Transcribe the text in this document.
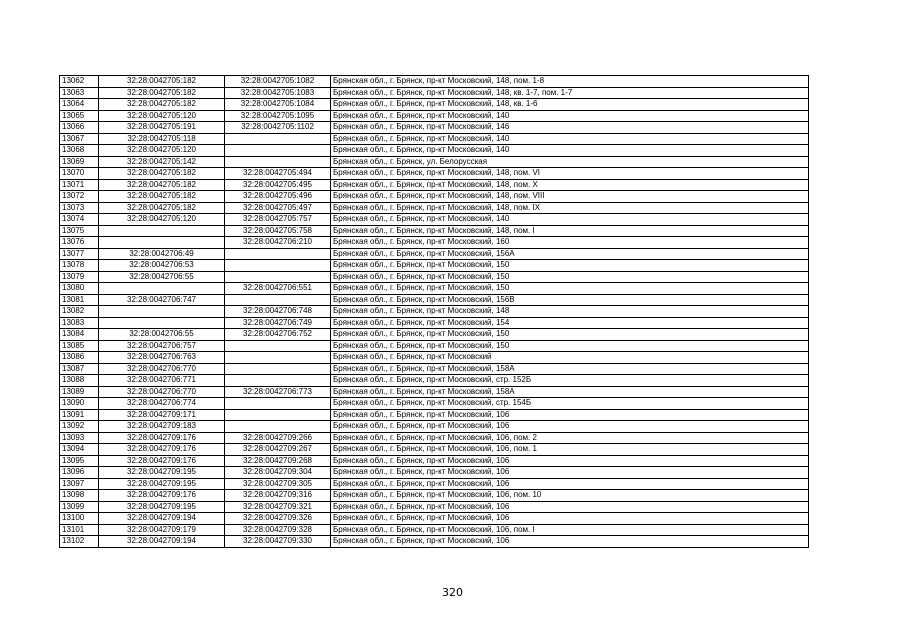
13062	32:28:0042705:182	32:28:0042705:1082	Брянская обл., г. Брянск, пр-кт Московский, 148, пом. 1-8
13063	32:28:0042705:182	32:28:0042705:1083	Брянская обл., г. Брянск, пр-кт Московский, 148, кв. 1-7, пом. 1-7
13064	32:28:0042705:182	32:28:0042705:1084	Брянская обл., г. Брянск, пр-кт Московский, 148, кв. 1-6
13065	32:28:0042705:120	32:28:0042705:1095	Брянская обл., г. Брянск, пр-кт Московский, 140
13066	32:28:0042705:191	32:28:0042705:1102	Брянская обл., г. Брянск, пр-кт Московский, 146
13067	32:28:0042705:118		Брянская обл., г. Брянск, пр-кт Московский, 140
13068	32:28:0042705:120		Брянская обл., г. Брянск, пр-кт Московский, 140
13069	32:28:0042705:142		Брянская обл., г. Брянск, ул. Белорусская
13070	32:28:0042705:182	32:28:0042705:494	Брянская обл., г. Брянск, пр-кт Московский, 148, пом. VI
13071	32:28:0042705:182	32:28:0042705:495	Брянская обл., г. Брянск, пр-кт Московский, 148, пом. X
13072	32:28:0042705:182	32:28:0042705:496	Брянская обл., г. Брянск, пр-кт Московский, 148, пом. VIII
13073	32:28:0042705:182	32:28:0042705:497	Брянская обл., г. Брянск, пр-кт Московский, 148, пом. IX
13074	32:28:0042705:120	32:28:0042705:757	Брянская обл., г. Брянск, пр-кт Московский, 140
13075		32:28:0042705:758	Брянская обл., г. Брянск, пр-кт Московский, 148, пом. I
13076		32:28:0042706:210	Брянская обл., г. Брянск, пр-кт Московский, 160
13077	32:28:0042706:49		Брянская обл., г. Брянск, пр-кт Московский, 156А
13078	32:28:0042706:53		Брянская обл., г. Брянск, пр-кт Московский, 150
13079	32:28:0042706:55		Брянская обл., г. Брянск, пр-кт Московский, 150
13080		32:28:0042706:551	Брянская обл., г. Брянск, пр-кт Московский, 150
13081	32:28:0042706:747		Брянская обл., г. Брянск, пр-кт Московский, 156В
13082		32:28:0042706:748	Брянская обл., г. Брянск, пр-кт Московский, 148
13083		32:28:0042706:749	Брянская обл., г. Брянск, пр-кт Московский, 154
13084	32:28:0042706:55	32:28:0042706:752	Брянская обл., г. Брянск, пр-кт Московский, 150
13085	32:28:0042706:757		Брянская обл., г. Брянск, пр-кт Московский, 150
13086	32:28:0042706:763		Брянская обл., г. Брянск, пр-кт Московский
13087	32:28:0042706:770		Брянская обл., г. Брянск, пр-кт Московский, 158А
13088	32:28:0042706:771		Брянская обл., г. Брянск, пр-кт Московский, стр. 152Б
13089	32:28:0042706:770	32:28:0042706:773	Брянская обл., г. Брянск, пр-кт Московский, 158А
13090	32:28:0042706:774		Брянская обл., г. Брянск, пр-кт Московский, стр. 154Б
13091	32:28:0042709:171		Брянская обл., г. Брянск, пр-кт Московский, 106
13092	32:28:0042709:183		Брянская обл., г. Брянск, пр-кт Московский, 106
13093	32:28:0042709:176	32:28:0042709:266	Брянская обл., г. Брянск, пр-кт Московский, 106, пом. 2
13094	32:28:0042709:176	32:28:0042709:267	Брянская обл., г. Брянск, пр-кт Московский, 106, пом. 1
13095	32:28:0042709:176	32:28:0042709:268	Брянская обл., г. Брянск, пр-кт Московский, 106
13096	32:28:0042709:195	32:28:0042709:304	Брянская обл., г. Брянск, пр-кт Московский, 106
13097	32:28:0042709:195	32:28:0042709:305	Брянская обл., г. Брянск, пр-кт Московский, 106
13098	32:28:0042709:176	32:28:0042709:316	Брянская обл., г. Брянск, пр-кт Московский, 106, пом. 10
13099	32:28:0042709:195	32:28:0042709:321	Брянская обл., г. Брянск, пр-кт Московский, 106
13100	32:28:0042709:194	32:28:0042709:326	Брянская обл., г. Брянск, пр-кт Московский, 106
13101	32:28:0042709:179	32:28:0042709:328	Брянская обл., г. Брянск, пр-кт Московский, 106, пом. I
13102	32:28:0042709:194	32:28:0042709:330	Брянская обл., г. Брянск, пр-кт Московский, 106
320
